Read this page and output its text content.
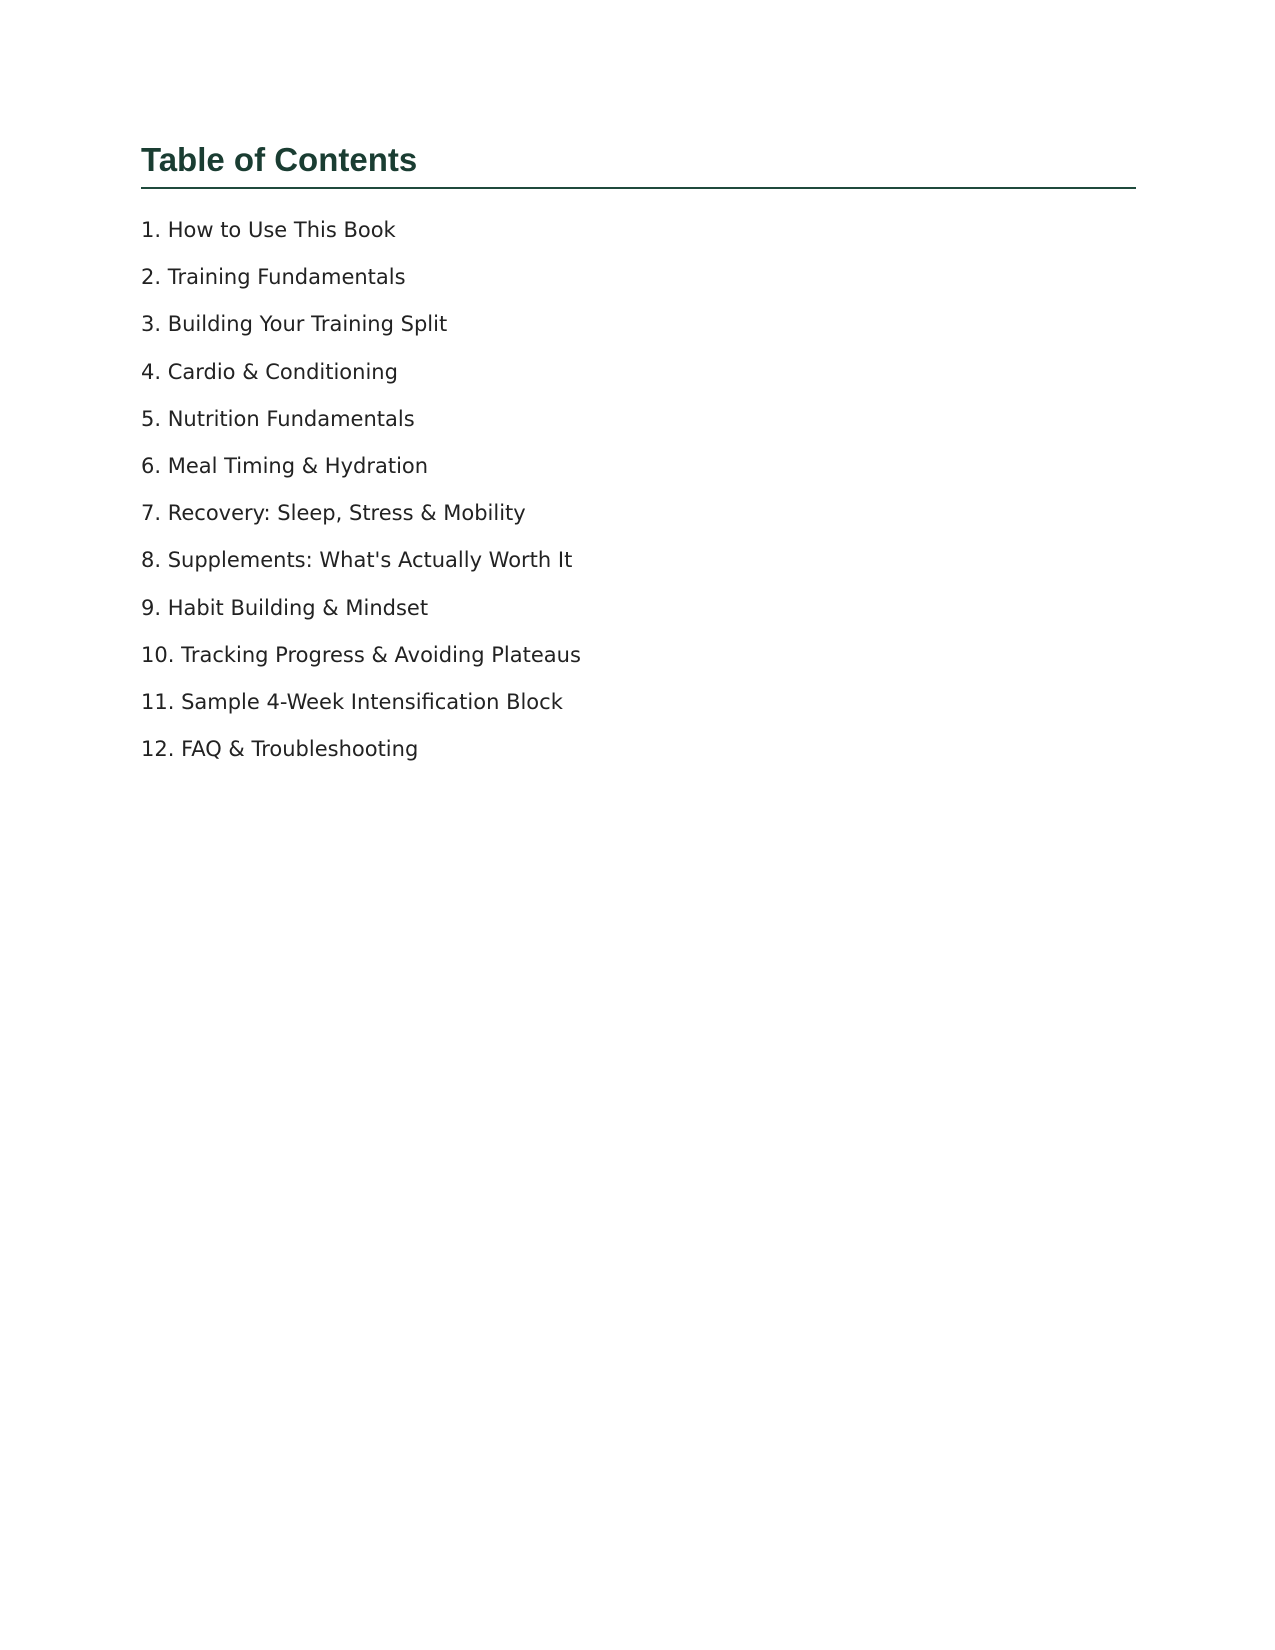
Table of Contents
1. How to Use This Book
2. Training Fundamentals
3. Building Your Training Split
4. Cardio & Conditioning
5. Nutrition Fundamentals
6. Meal Timing & Hydration
7. Recovery: Sleep, Stress & Mobility
8. Supplements: What's Actually Worth It
9. Habit Building & Mindset
10. Tracking Progress & Avoiding Plateaus
11. Sample 4-Week Intensification Block
12. FAQ & Troubleshooting
